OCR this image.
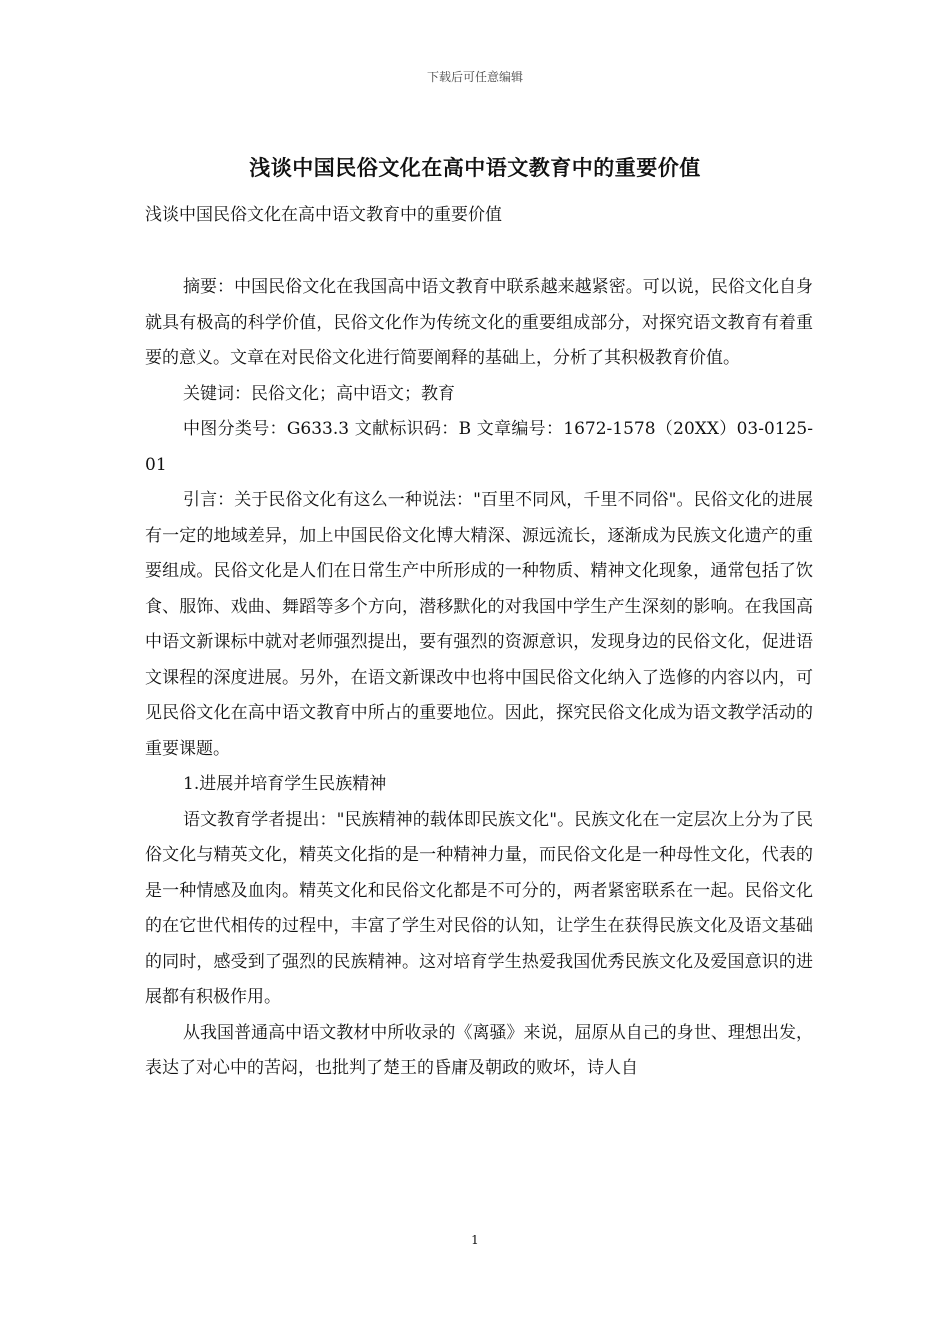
下载后可任意编辑
浅谈中国民俗文化在高中语文教育中的重要价值
浅谈中国民俗文化在高中语文教育中的重要价值

摘要：中国民俗文化在我国高中语文教育中联系越来越紧密。可以说，民俗文化自身就具有极高的科学价值，民俗文化作为传统文化的重要组成部分，对探究语文教育有着重要的意义。文章在对民俗文化进行简要阐释的基础上，分析了其积极教育价值。

关键词：民俗文化；高中语文；教育

中图分类号：G633.3 文献标识码：B 文章编号：1672-1578（20XX）03-0125-01

引言：关于民俗文化有这么一种说法："百里不同风，千里不同俗"。民俗文化的进展有一定的地域差异，加上中国民俗文化博大精深、源远流长，逐渐成为民族文化遗产的重要组成。民俗文化是人们在日常生产中所形成的一种物质、精神文化现象，通常包括了饮食、服饰、戏曲、舞蹈等多个方向，潜移默化的对我国中学生产生深刻的影响。在我国高中语文新课标中就对老师强烈提出，要有强烈的资源意识，发现身边的民俗文化，促进语文课程的深度进展。另外，在语文新课改中也将中国民俗文化纳入了选修的内容以内，可见民俗文化在高中语文教育中所占的重要地位。因此，探究民俗文化成为语文教学活动的重要课题。

1.进展并培育学生民族精神

语文教育学者提出："民族精神的载体即民族文化"。民族文化在一定层次上分为了民俗文化与精英文化，精英文化指的是一种精神力量，而民俗文化是一种母性文化，代表的是一种情感及血肉。精英文化和民俗文化都是不可分的，两者紧密联系在一起。民俗文化的在它世代相传的过程中，丰富了学生对民俗的认知，让学生在获得民族文化及语文基础的同时，感受到了强烈的民族精神。这对培育学生热爱我国优秀民族文化及爱国意识的进展都有积极作用。

从我国普通高中语文教材中所收录的《离骚》来说，屈原从自己的身世、理想出发，表达了对心中的苦闷，也批判了楚王的昏庸及朝政的败坏，诗人自

1
